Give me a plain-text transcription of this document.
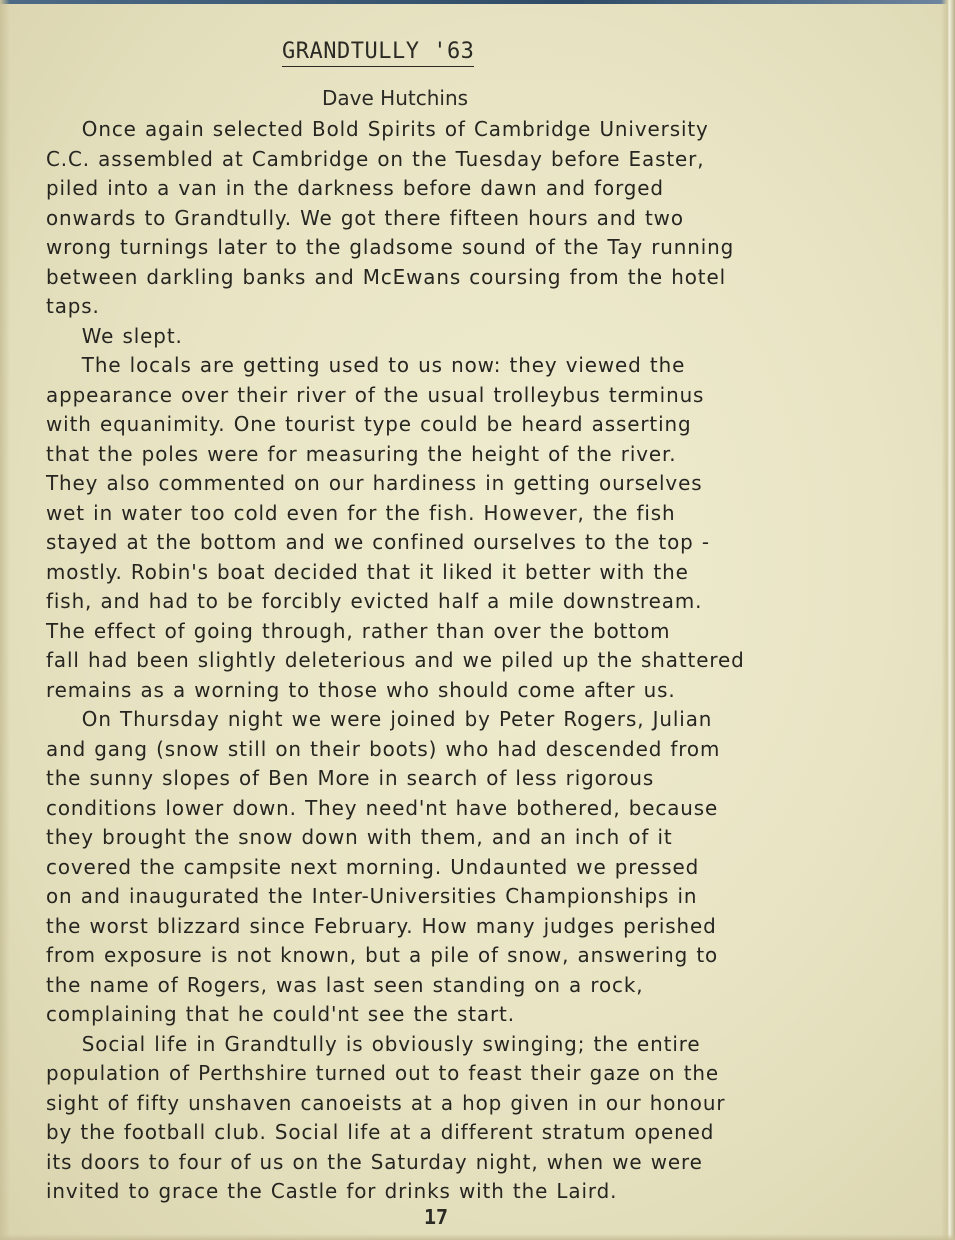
GRANDTULLY '63
Dave Hutchins
Once again selected Bold Spirits of Cambridge University
C.C. assembled at Cambridge on the Tuesday before Easter,
piled into a van in the darkness before dawn and forged
onwards to Grandtully. We got there fifteen hours and two
wrong turnings later to the gladsome sound of the Tay running
between darkling banks and McEwans coursing from the hotel
taps.
We slept.
The locals are getting used to us now: they viewed the
appearance over their river of the usual trolleybus terminus
with equanimity. One tourist type could be heard asserting
that the poles were for measuring the height of the river.
They also commented on our hardiness in getting ourselves
wet in water too cold even for the fish. However, the fish
stayed at the bottom and we confined ourselves to the top -
mostly. Robin's boat decided that it liked it better with the
fish, and had to be forcibly evicted half a mile downstream.
The effect of going through, rather than over the bottom
fall had been slightly deleterious and we piled up the shattered
remains as a worning to those who should come after us.
On Thursday night we were joined by Peter Rogers, Julian
and gang (snow still on their boots) who had descended from
the sunny slopes of Ben More in search of less rigorous
conditions lower down. They need'nt have bothered, because
they brought the snow down with them, and an inch of it
covered the campsite next morning. Undaunted we pressed
on and inaugurated the Inter-Universities Championships in
the worst blizzard since February. How many judges perished
from exposure is not known, but a pile of snow, answering to
the name of Rogers, was last seen standing on a rock,
complaining that he could'nt see the start.
Social life in Grandtully is obviously swinging; the entire
population of Perthshire turned out to feast their gaze on the
sight of fifty unshaven canoeists at a hop given in our honour
by the football club. Social life at a different stratum opened
its doors to four of us on the Saturday night, when we were
invited to grace the Castle for drinks with the Laird.
17
